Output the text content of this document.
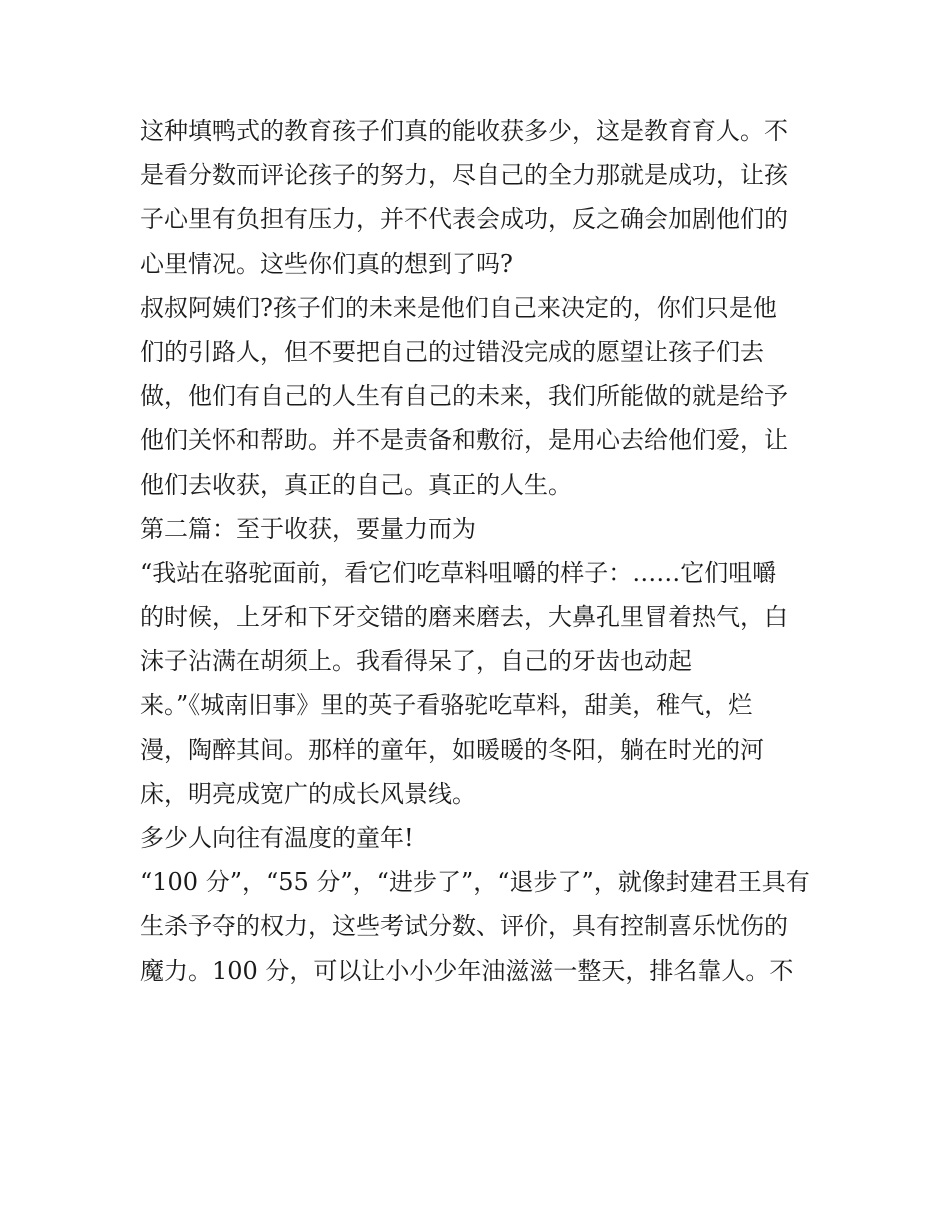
这种填鸭式的教育孩子们真的能收获多少，这是教育育人。不
是看分数而评论孩子的努力，尽自己的全力那就是成功，让孩
子心里有负担有压力，并不代表会成功，反之确会加剧他们的
心里情况。这些你们真的想到了吗?
叔叔阿姨们?孩子们的未来是他们自己来决定的，你们只是他
们的引路人，但不要把自己的过错没完成的愿望让孩子们去
做，他们有自己的人生有自己的未来，我们所能做的就是给予
他们关怀和帮助。并不是责备和敷衍，是用心去给他们爱，让
他们去收获，真正的自己。真正的人生。
第二篇：至于收获，要量力而为
“我站在骆驼面前，看它们吃草料咀嚼的样子：……它们咀嚼
的时候，上牙和下牙交错的磨来磨去，大鼻孔里冒着热气，白
沫子沾满在胡须上。我看得呆了，自己的牙齿也动起
来。”《城南旧事》里的英子看骆驼吃草料，甜美，稚气，烂
漫，陶醉其间。那样的童年，如暖暖的冬阳，躺在时光的河
床，明亮成宽广的成长风景线。
多少人向往有温度的童年!
“100 分”，“55 分”，“进步了”，“退步了”，就像封建君王具有
生杀予夺的权力，这些考试分数、评价，具有控制喜乐忧伤的
魔力。100 分，可以让小小少年油滋滋一整天，排名靠人。不
